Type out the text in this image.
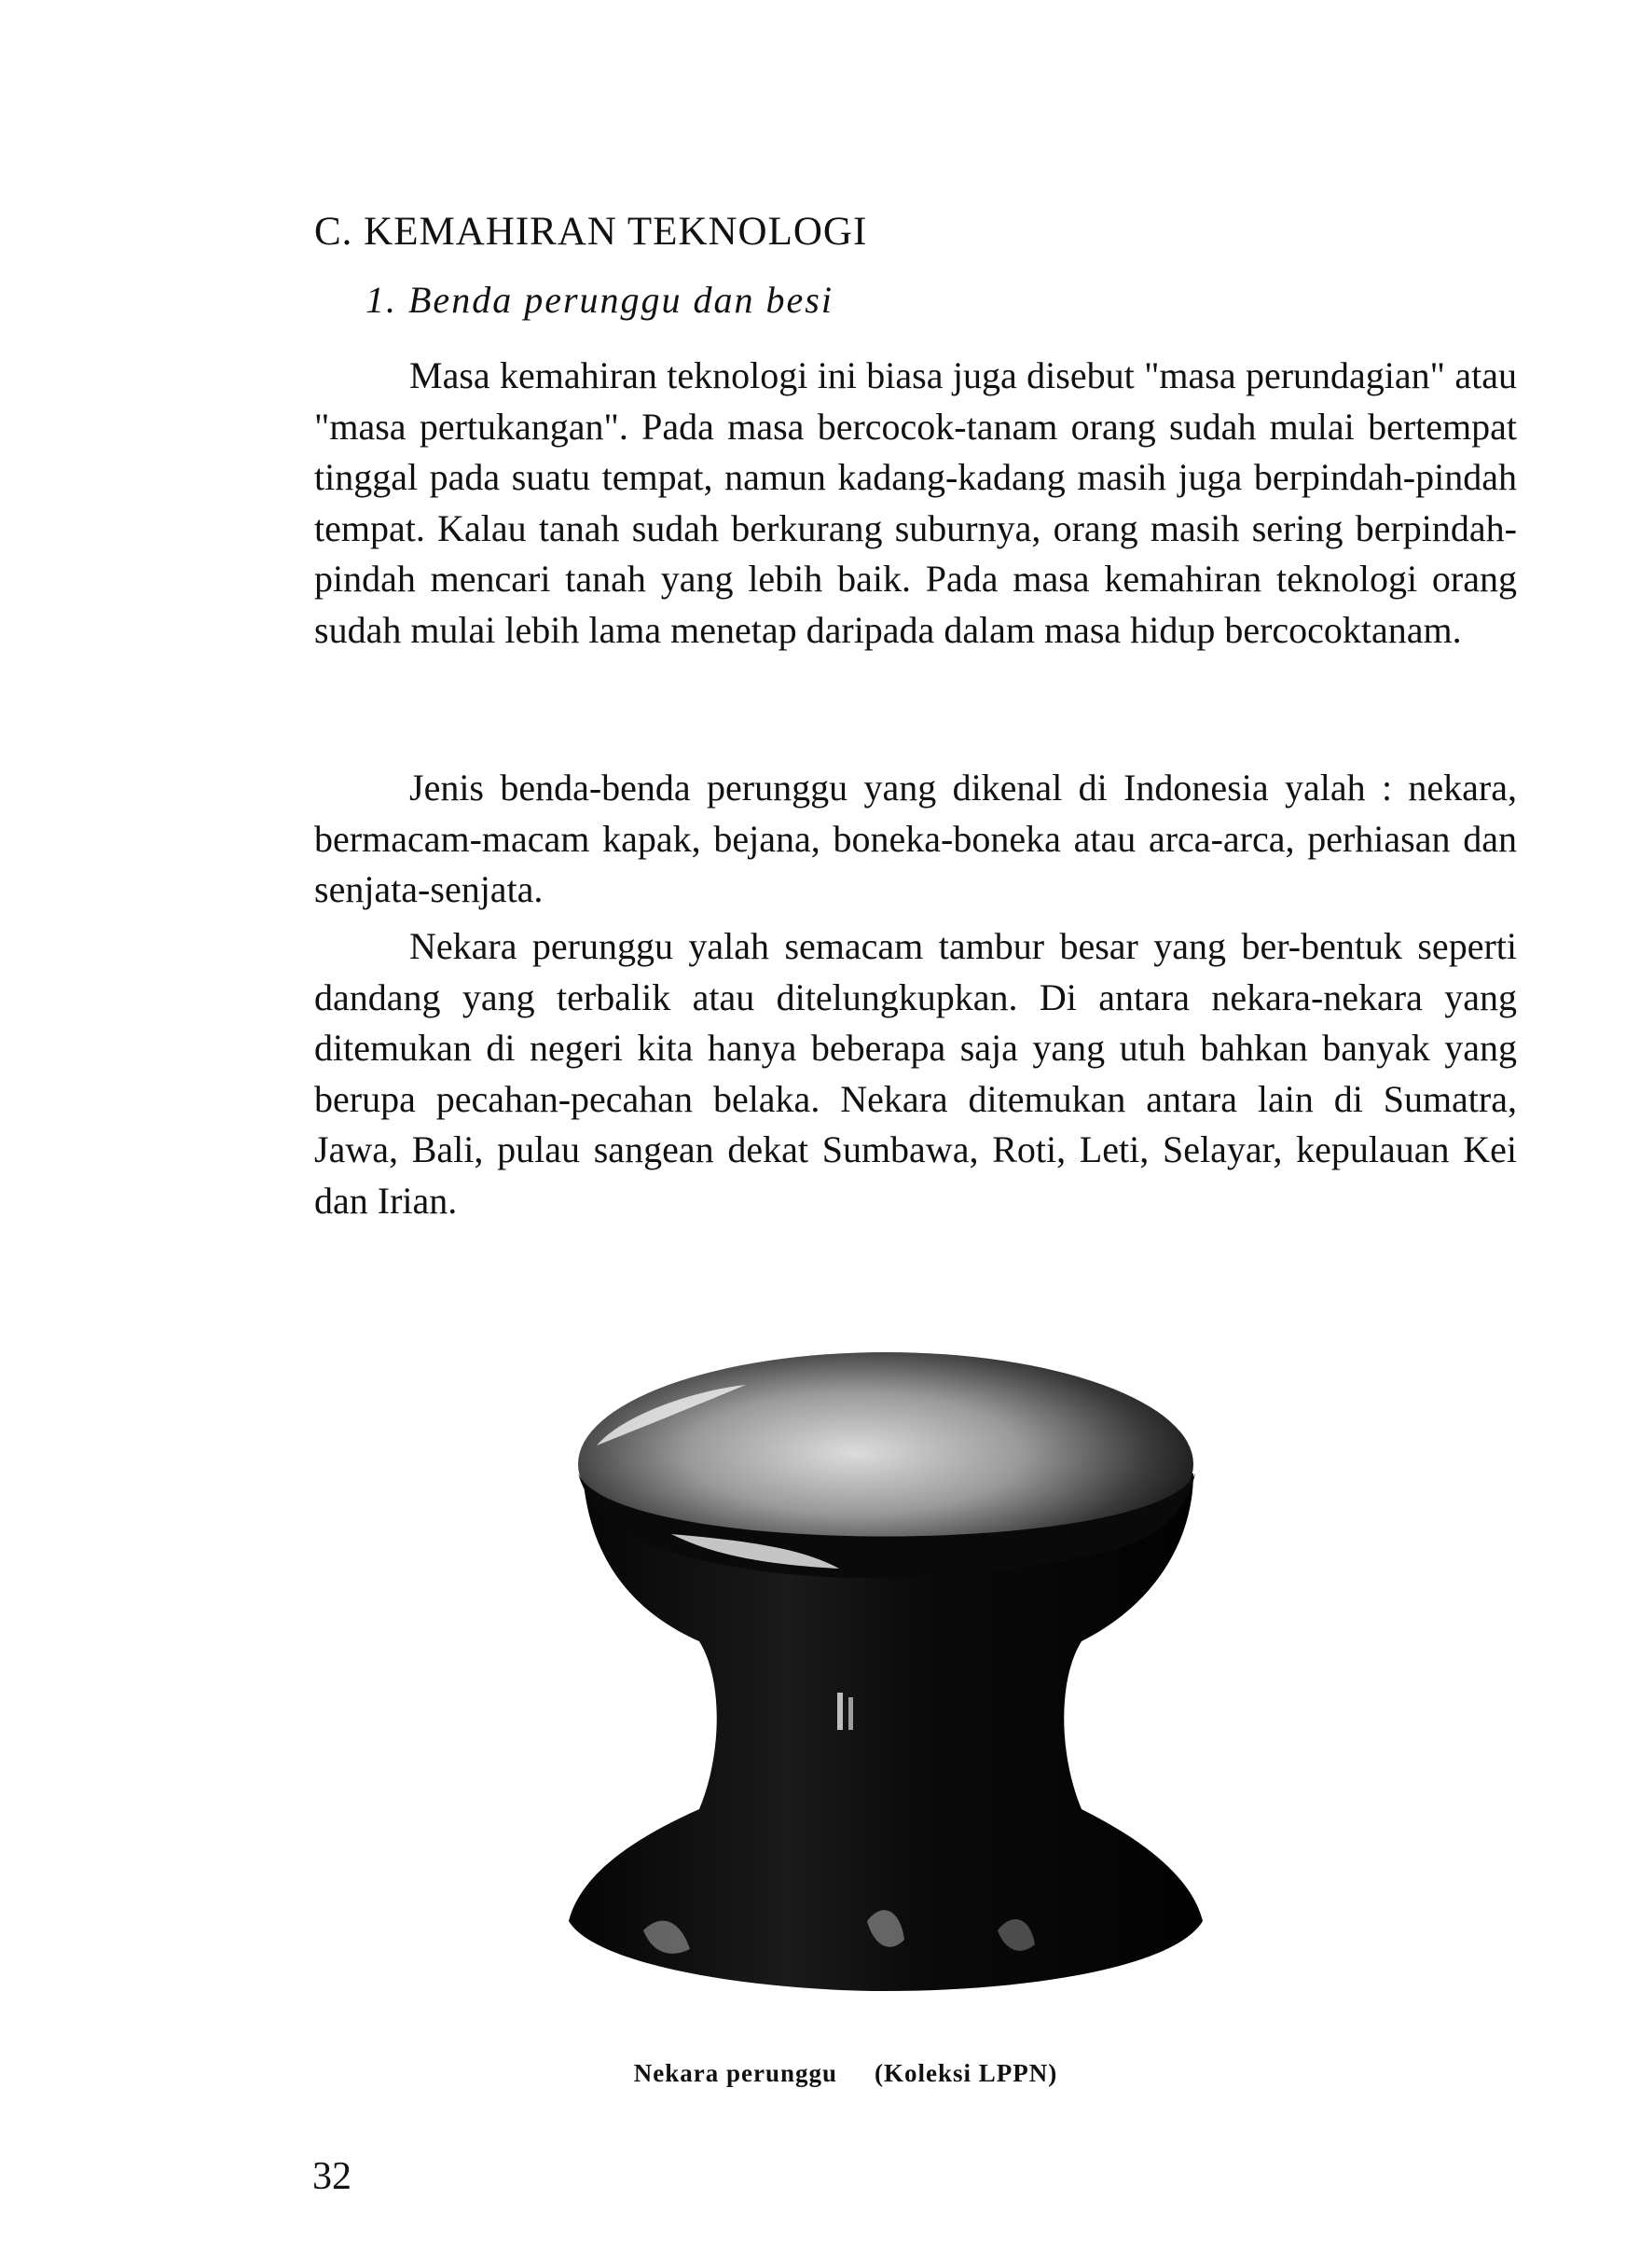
C. KEMAHIRAN TEKNOLOGI
1. Benda perunggu dan besi

Masa kemahiran teknologi ini biasa juga disebut "masa perundagian" atau "masa pertukangan". Pada masa bercocok-tanam orang sudah mulai bertempat tinggal pada suatu tempat, namun kadang-kadang masih juga berpindah-pindah tempat. Kalau tanah sudah berkurang suburnya, orang masih sering berpindah-pindah mencari tanah yang lebih baik. Pada masa kemahiran teknologi orang sudah mulai lebih lama menetap daripada dalam masa hidup bercocoktanam.

Jenis benda-benda perunggu yang dikenal di Indonesia yalah : nekara, bermacam-macam kapak, bejana, boneka-boneka atau arca-arca, perhiasan dan senjata-senjata.

Nekara perunggu yalah semacam tambur besar yang ber-bentuk seperti dandang yang terbalik atau ditelungkupkan. Di antara nekara-nekara yang ditemukan di negeri kita hanya beberapa saja yang utuh bahkan banyak yang berupa pecahan-pecahan belaka. Nekara ditemukan antara lain di Sumatra, Jawa, Bali, pulau sangean dekat Sumbawa, Roti, Leti, Selayar, kepulauan Kei dan Irian.

Nekara perunggu (Koleksi LPPN)

32
